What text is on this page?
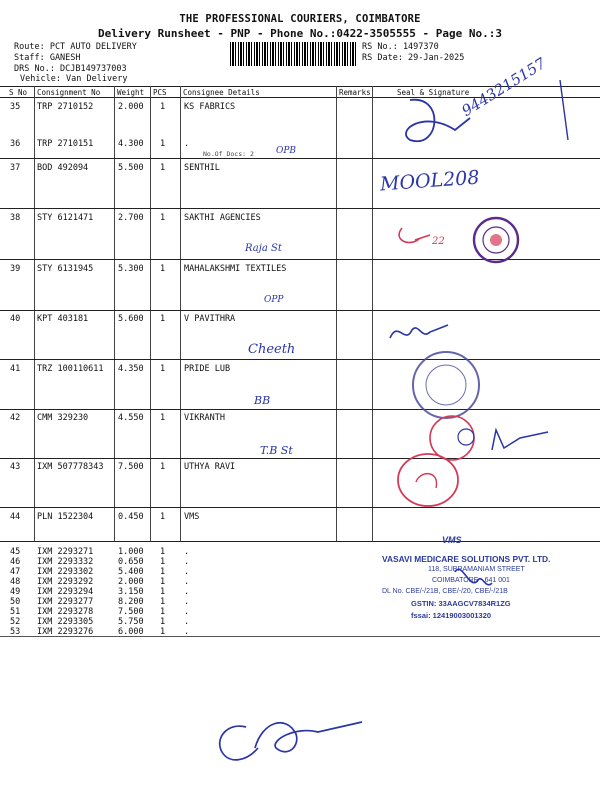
THE PROFESSIONAL COURIERS, COIMBATORE
Delivery Runsheet - PNP - Phone No.:0422-3505555 - Page No.:3
Route: PCT AUTO DELIVERY
Staff: GANESH
DRS No.: DCJB149737003
Vehicle: Van Delivery
RS No.: 1497370
RS Date: 29-Jan-2025
S No Consignment No Weight PCS Consignee Details	Remarks	Seal & Signature
35 TRP 2710152	2.000 1 KS FABRICS
36 TRP 2710151	4.300 1 .
No.Of Docs: 2
37 BOD 492094	5.500 1 SENTHIL
38 STY 6121471	2.700 1 SAKTHI AGENCIES
39 STY 6131945	5.300 1 MAHALAKSHMI TEXTILES
40 KPT 403181	5.600 1 V PAVITHRA
41 TRZ 100110611 4.350 1 PRIDE LUB
42 CMM 329230	4.550 1 VIKRANTH
43 IXM 507778343 7.500 1 UTHYA RAVI
44 PLN 1522304	0.450 1 VMS
45 IXM 2293271	1.000 1 .
46 IXM 2293332	0.650 1 .
47 IXM 2293302	5.400 1 .
48 IXM 2293292	2.000 1 .
49 IXM 2293294	3.150 1 .
50 IXM 2293277	8.200 1 .
51 IXM 2293278	7.500 1 .
52 IXM 2293305	5.750 1 .
53 IXM 2293276	6.000 1 .
9443215157
OPB
MOOL208
Raja St
22
OPP
Cheeth
BB
T.B St
VMS
VASAVI MEDICARE SOLUTIONS PVT. LTD.
118, SUBRAMANIAM STREET
COIMBATORE - 641 001
DL No. CBE/-/21B, CBE/-/20, CBE/-/21B
GSTIN: 33AAGCV7834R1ZG
fssai: 12419003001320
